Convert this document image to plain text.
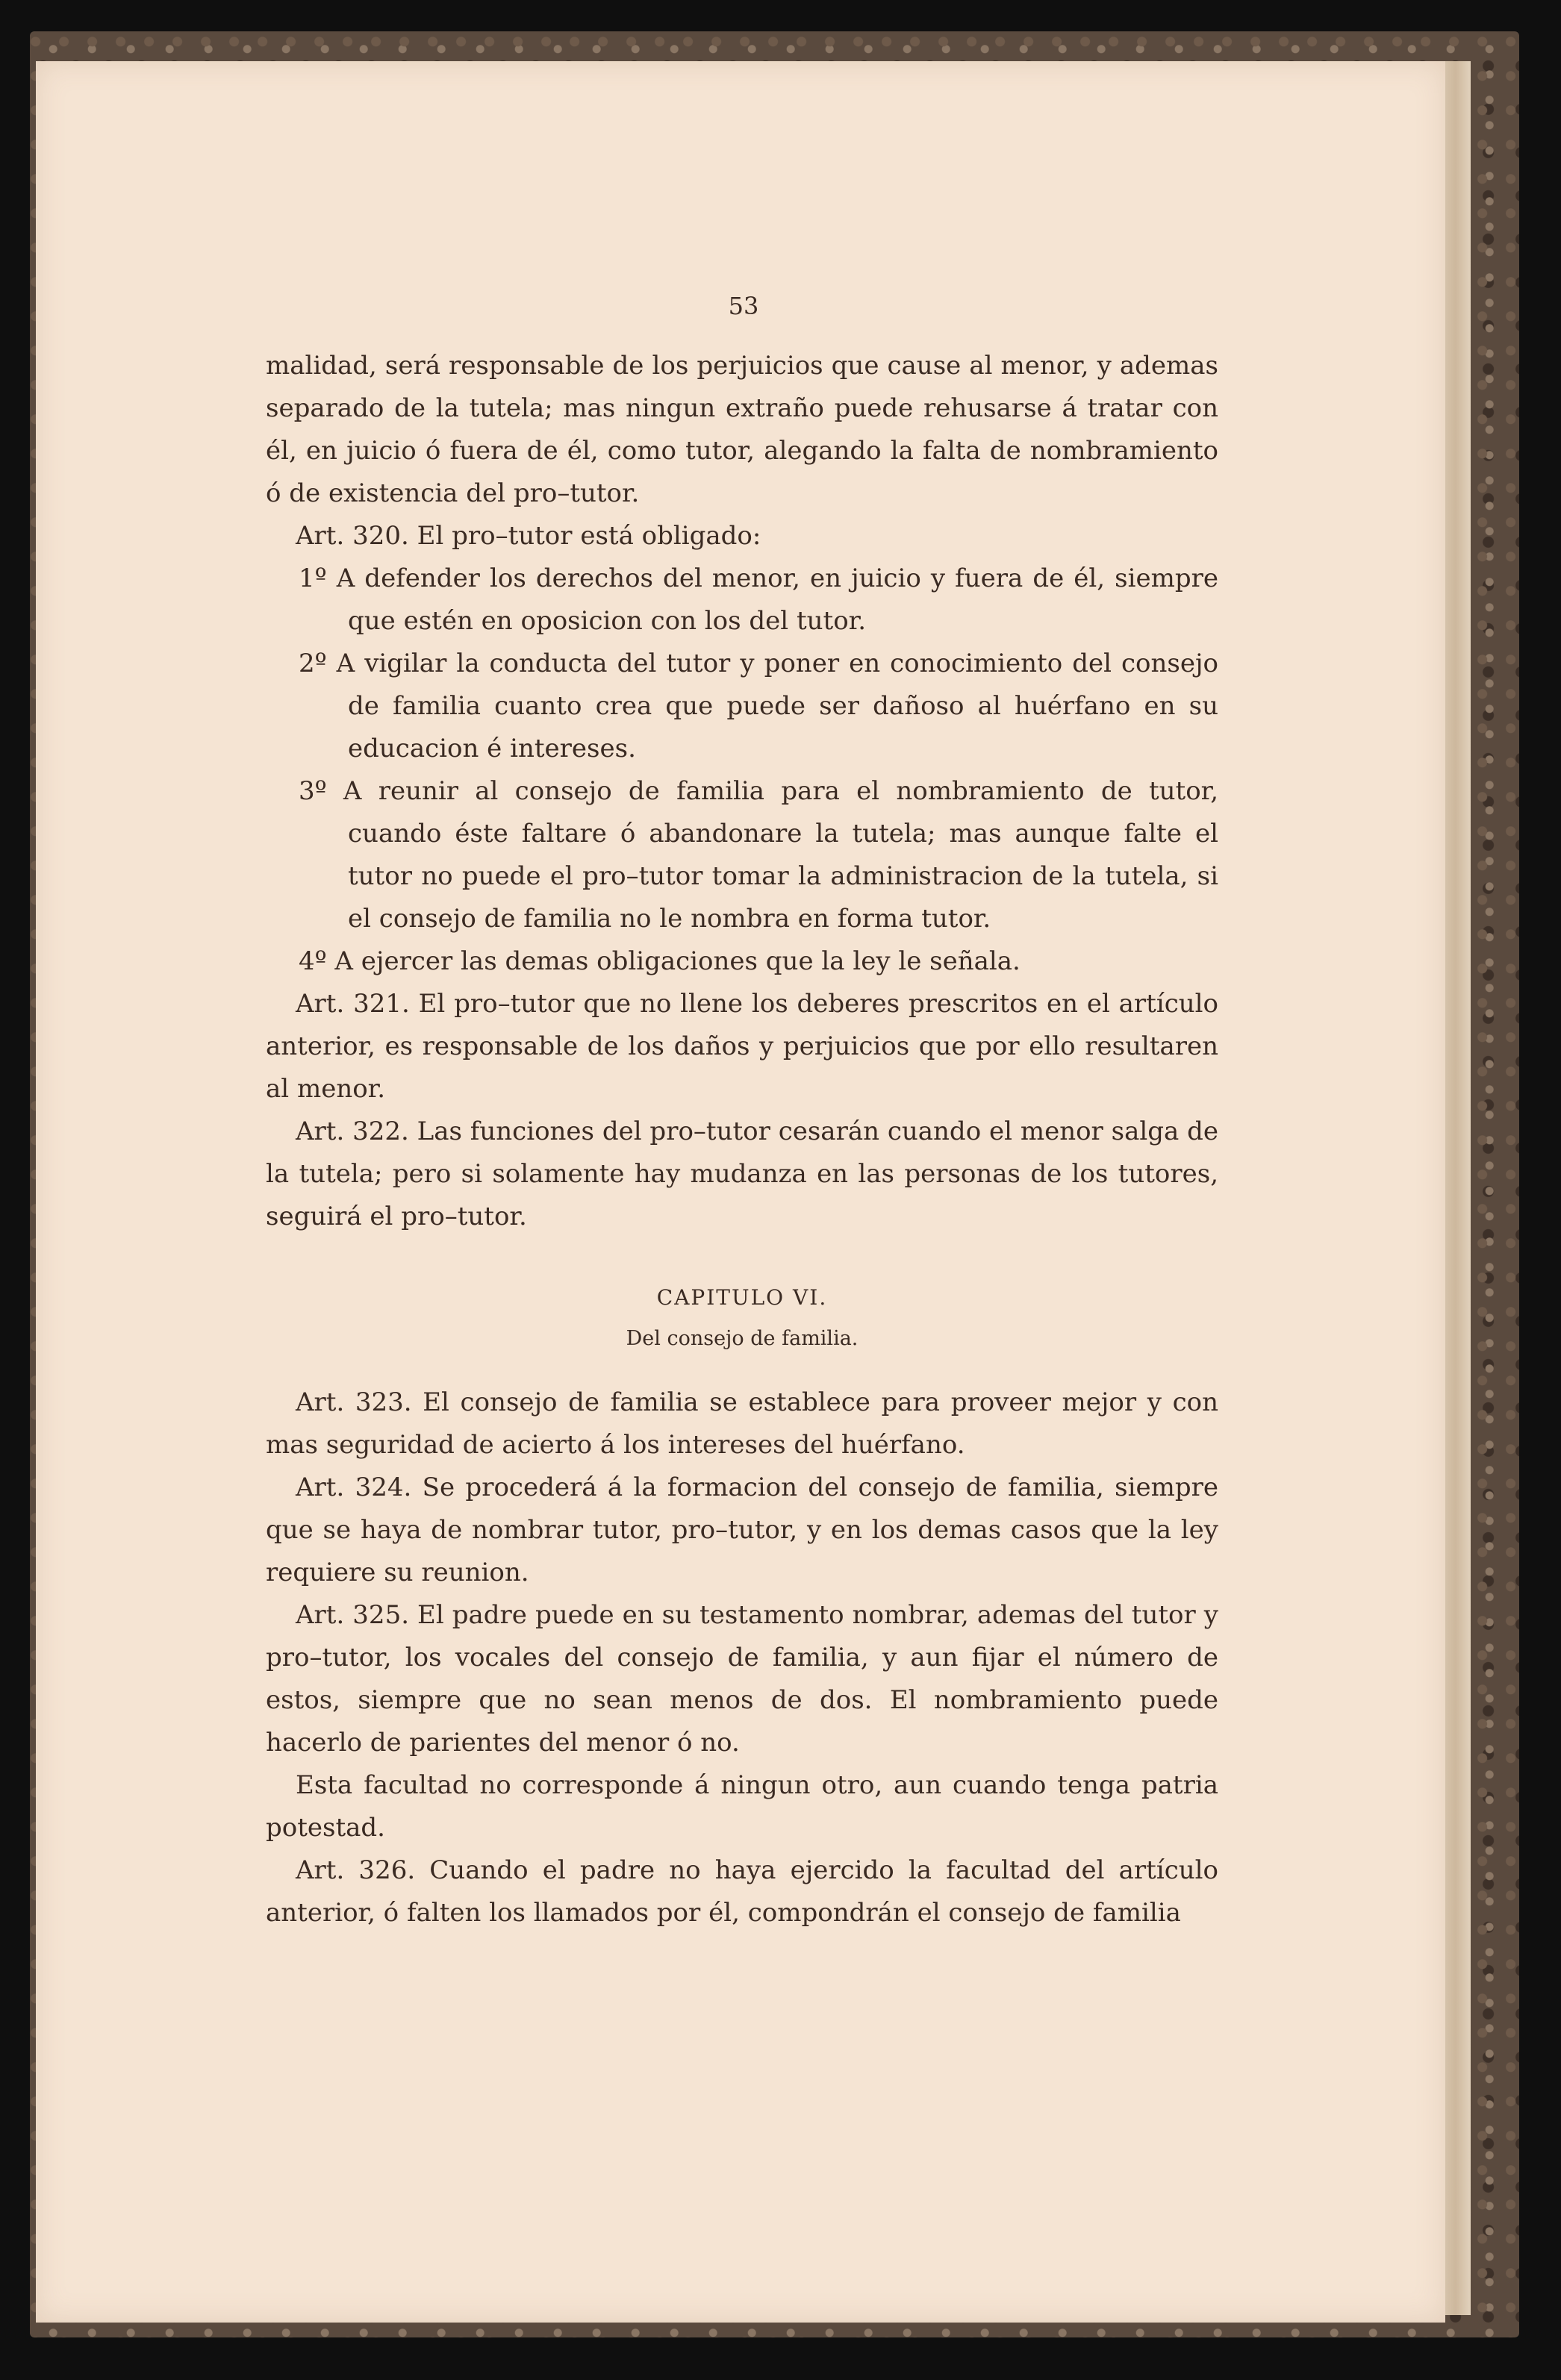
53

malidad, será responsable de los perjuicios que cause al menor, y ademas separado de la tutela; mas ningun extraño puede rehusarse á tratar con él, en juicio ó fuera de él, como tutor, alegando la falta de nombramiento ó de existencia del pro–tutor.

Art. 320. El pro–tutor está obligado:

1º A defender los derechos del menor, en juicio y fuera de él, siempre que estén en oposicion con los del tutor.

2º A vigilar la conducta del tutor y poner en conocimiento del consejo de familia cuanto crea que puede ser dañoso al huérfano en su educacion é intereses.

3º A reunir al consejo de familia para el nombramiento de tutor, cuando éste faltare ó abandonare la tutela; mas aunque falte el tutor no puede el pro–tutor tomar la administracion de la tutela, si el consejo de familia no le nombra en forma tutor.

4º A ejercer las demas obligaciones que la ley le señala.

Art. 321. El pro–tutor que no llene los deberes prescritos en el artículo anterior, es responsable de los daños y perjuicios que por ello resultaren al menor.

Art. 322. Las funciones del pro–tutor cesarán cuando el menor salga de la tutela; pero si solamente hay mudanza en las personas de los tutores, seguirá el pro–tutor.

CAPITULO VI.
Del consejo de familia.

Art. 323. El consejo de familia se establece para proveer mejor y con mas seguridad de acierto á los intereses del huérfano.

Art. 324. Se procederá á la formacion del consejo de familia, siempre que se haya de nombrar tutor, pro–tutor, y en los demas casos que la ley requiere su reunion.

Art. 325. El padre puede en su testamento nombrar, ademas del tutor y pro–tutor, los vocales del consejo de familia, y aun fijar el número de estos, siempre que no sean menos de dos. El nombramiento puede hacerlo de parientes del menor ó no.

Esta facultad no corresponde á ningun otro, aun cuando tenga patria potestad.

Art. 326. Cuando el padre no haya ejercido la facultad del artículo anterior, ó falten los llamados por él, compondrán el consejo de familia
